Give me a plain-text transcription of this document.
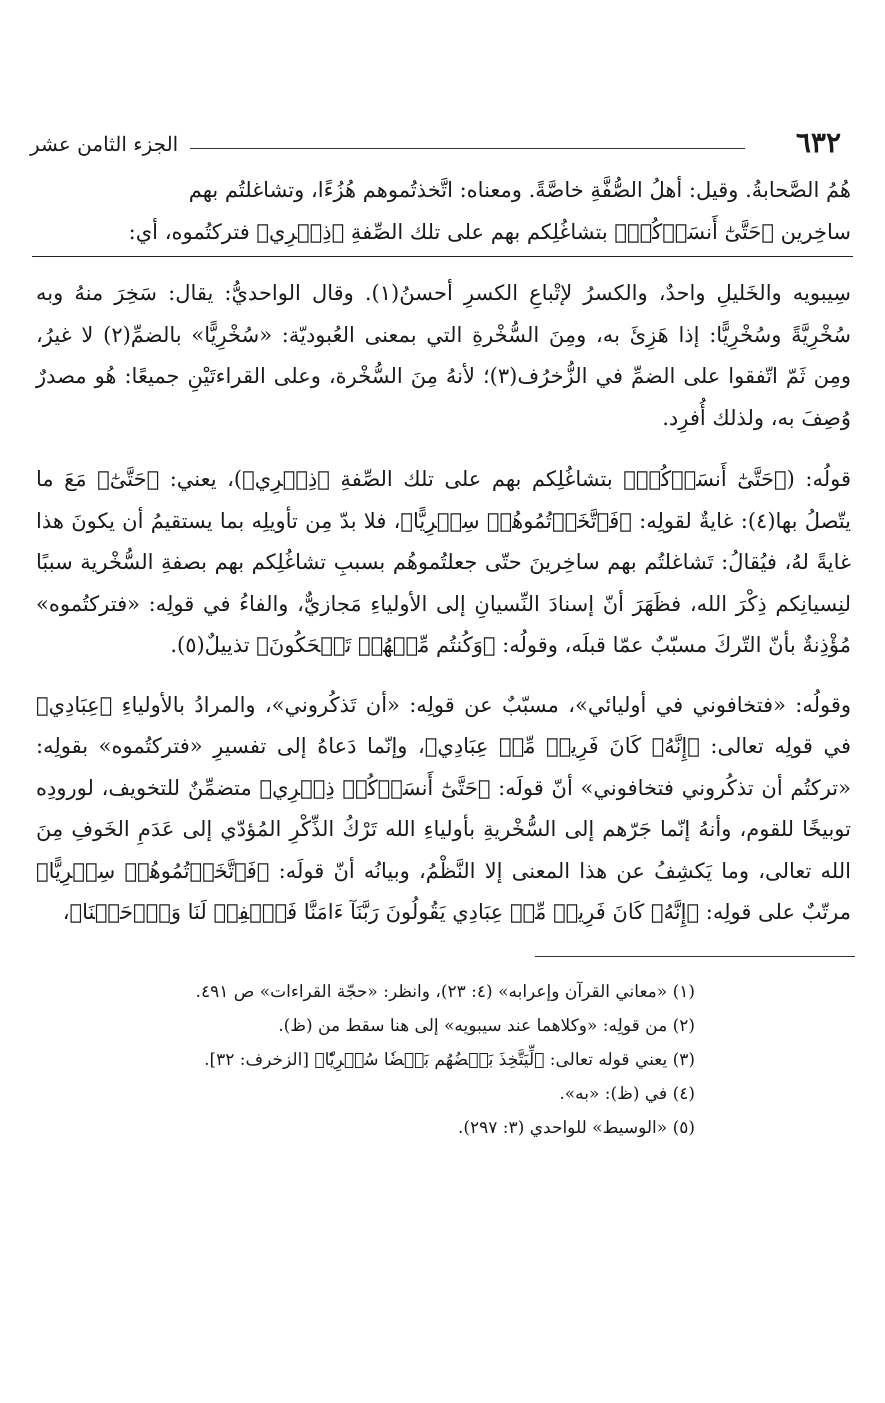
٦٣٢
الجزء الثامن عشر

هُمُ الصَّحابةُ. وقيل: أهلُ الصُّفَّةِ خاصَّةً. ومعناه: اتَّخذتُموهم هُزُءًا، وتشاغلتُم بهم

ساخِرين ﴿حَتَّىٰٓ أَنسَوۡكُمۡ﴾ بتشاغُلِكم بهم على تلك الصِّفةِ ﴿ذِكۡرِي﴾ فتركتُموه، أي:

سِيبويه والخَليلِ واحدٌ، والكسرُ لإتْباعِ الكسرِ أحسنُ(١). وقال الواحديُّ: يقال: سَخِرَ منهُ وبه سُخْرِيَّةً وسُخْرِيًّا: إذا هَزِئَ به، ومِنَ السُّخْرةِ التي بمعنى العُبوديّة: «سُخْرِيًّا» بالضمِّ(٢) لا غيرُ، ومِن ثَمّ اتّفقوا على الضمِّ في الزُّخرُف(٣)؛ لأنهُ مِنَ السُّخْرة، وعلى القراءتَيْنِ جميعًا: هُو مصدرٌ وُصِفَ به، ولذلك أُفرِد.

قولُه: (﴿حَتَّىٰٓ أَنسَوۡكُمۡ﴾ بتشاغُلِكم بهم على تلك الصِّفةِ ﴿ذِكۡرِي﴾)، يعني: ﴿حَتَّىٰٓ﴾ مَعَ ما يتّصلُ بها(٤): غايةٌ لقولِه: ﴿فَٱتَّخَذۡتُمُوهُمۡ سِخۡرِيًّا﴾، فلا بدّ مِن تأويلِه بما يستقيمُ أن يكونَ هذا غايةً لهُ، فيُقالُ: تَشاغلتُم بهم ساخِرينَ حتّى جعلتُموهُم بسببِ تشاغُلِكم بهم بصفةِ السُّخْرية سببًا لنِسيانِكم ذِكْرَ الله، فظَهَرَ أنّ إسنادَ النِّسيانِ إلى الأولياءِ مَجازيٌّ، والفاءُ في قولِه: «فتركتُموه» مُؤْذِنةٌ بأنّ التّركَ مسبّبٌ عمّا قبلَه، وقولُه: ﴿وَكُنتُم مِّنۡهُمۡ تَضۡحَكُونَ﴾ تذييلٌ(٥).

وقولُه: «فتخافوني في أوليائي»، مسبّبٌ عن قولِه: «أن تَذكُروني»، والمرادُ بالأولياءِ ﴿عِبَادِي﴾ في قولِه تعالى: ﴿إِنَّهُۥ كَانَ فَرِيقٞ مِّنۡ عِبَادِي﴾، وإنّما دَعاهُ إلى تفسيرِ «فتركتُموه» بقولِه: «تركتُم أن تذكُروني فتخافوني» أنّ قولَه: ﴿حَتَّىٰٓ أَنسَوۡكُمۡ ذِكۡرِي﴾ متضمِّنٌ للتخويف، لورودِه توبيخًا للقوم، وأنهُ إنّما جَرّهم إلى السُّخْريةِ بأولياءِ الله تَرْكُ الذِّكْرِ المُؤدّي إلى عَدَمِ الخَوفِ مِنَ الله تعالى، وما يَكشِفُ عن هذا المعنى إلا النَّظْمُ، وبيانُه أنّ قولَه: ﴿فَٱتَّخَذۡتُمُوهُمۡ سِخۡرِيًّا﴾ مرتّبٌ على قولِه: ﴿إِنَّهُۥ كَانَ فَرِيقٞ مِّنۡ عِبَادِي يَقُولُونَ رَبَّنَآ ءَامَنَّا فَٱغۡفِرۡ لَنَا وَٱرۡحَمۡنَا﴾،

(١) «معاني القرآن وإعرابه» (٤: ٢٣)، وانظر: «حجّة القراءات» ص ٤٩١.

(٢) من قولِه: «وكلاهما عند سيبويه» إلى هنا سقط من (ظ).

(٣) يعني قوله تعالى: ﴿لِّيَتَّخِذَ بَعۡضُهُم بَعۡضٗا سُخۡرِيّٗا﴾ [الزخرف: ٣٢].

(٤) في (ظ): «به».

(٥) «الوسيط» للواحدي (٣: ٢٩٧).
